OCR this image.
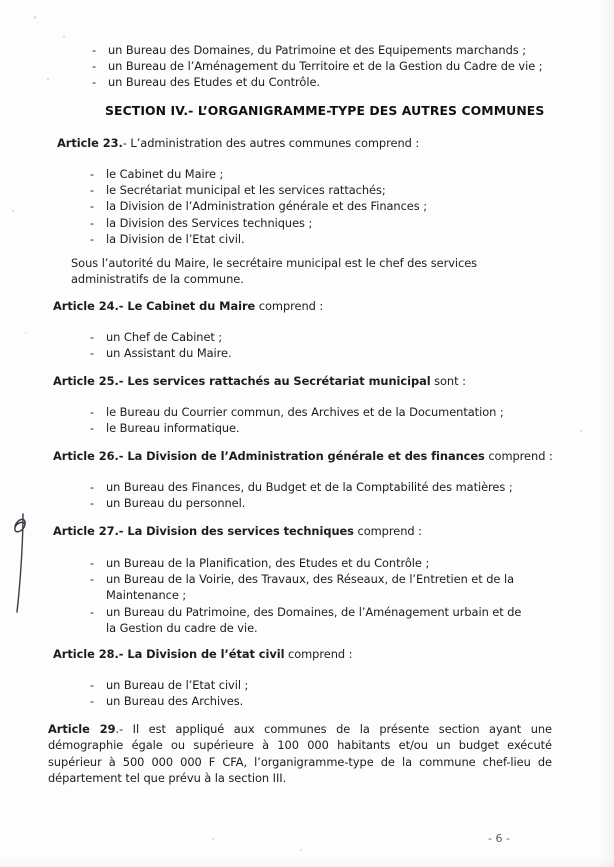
- un Bureau des Domaines, du Patrimoine et des Equipements marchands ;
- un Bureau de l’Aménagement du Territoire et de la Gestion du Cadre de vie ;
- un Bureau des Etudes et du Contrôle.
SECTION IV.- L’ORGANIGRAMME-TYPE DES AUTRES COMMUNES
Article 23.- L’administration des autres communes comprend :
- le Cabinet du Maire ;
- le Secrétariat municipal et les services rattachés;
- la Division de l’Administration générale et des Finances ;
- la Division des Services techniques ;
- la Division de l’Etat civil.
Sous l’autorité du Maire, le secrétaire municipal est le chef des services administratifs de la commune.
Article 24.- Le Cabinet du Maire comprend :
- un Chef de Cabinet ;
- un Assistant du Maire.
Article 25.- Les services rattachés au Secrétariat municipal sont :
- le Bureau du Courrier commun, des Archives et de la Documentation ;
- le Bureau informatique.
Article 26.- La Division de l’Administration générale et des finances comprend :
- un Bureau des Finances, du Budget et de la Comptabilité des matières ;
- un Bureau du personnel.
Article 27.- La Division des services techniques comprend :
- un Bureau de la Planification, des Etudes et du Contrôle ;
- un Bureau de la Voirie, des Travaux, des Réseaux, de l’Entretien et de la Maintenance ;
- un Bureau du Patrimoine, des Domaines, de l’Aménagement urbain et de la Gestion du cadre de vie.
Article 28.- La Division de l’état civil comprend :
- un Bureau de l’Etat civil ;
- un Bureau des Archives.
Article 29.- Il est appliqué aux communes de la présente section ayant une démographie égale ou supérieure à 100 000 habitants et/ou un budget exécuté supérieur à 500 000 000 F CFA, l’organigramme-type de la commune chef-lieu de département tel que prévu à la section III.
- 6 -
